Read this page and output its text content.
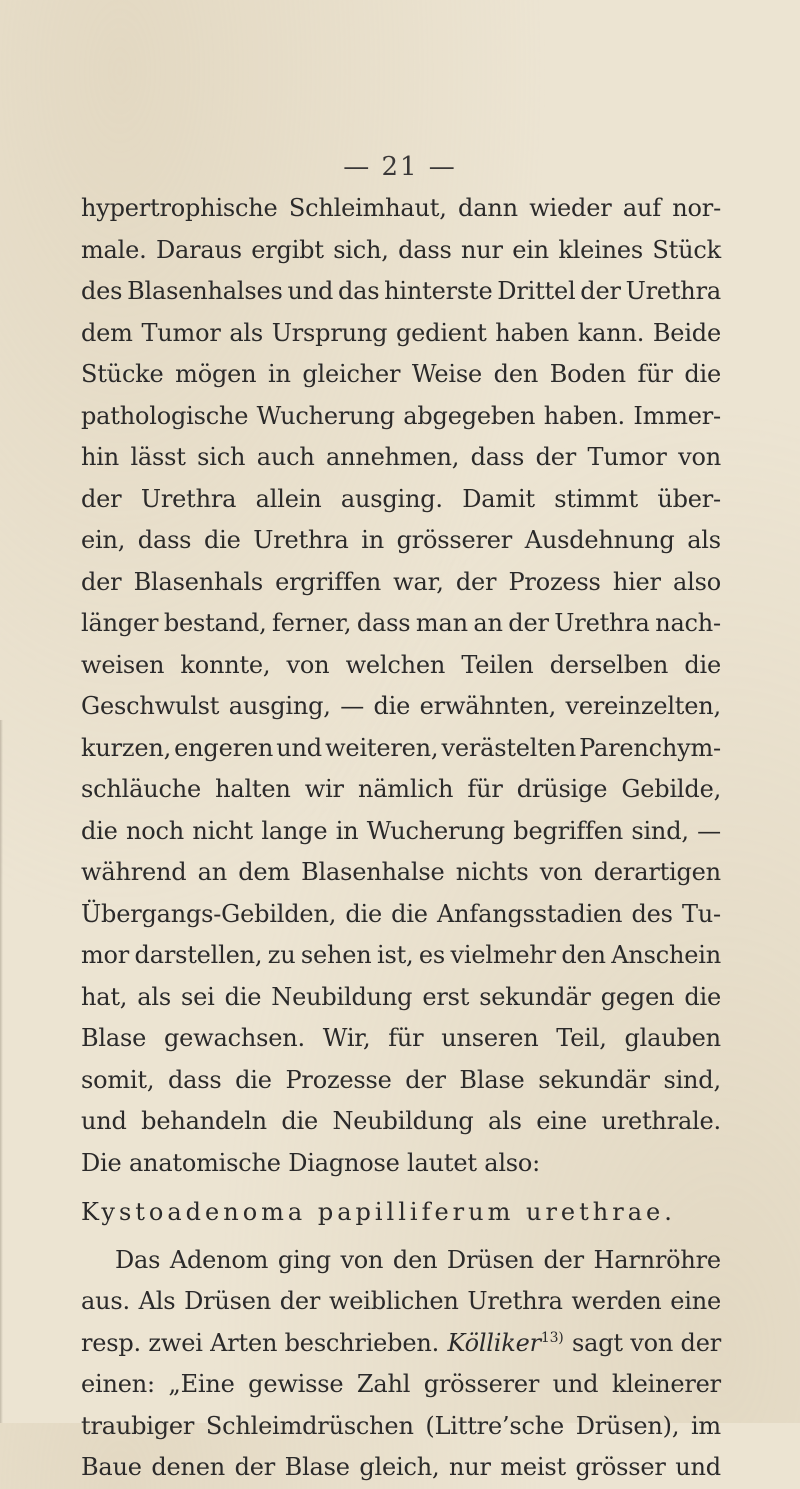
— 21 —
hypertrophische Schleimhaut, dann wieder auf nor-
male. Daraus ergibt sich, dass nur ein kleines Stück
des Blasenhalses und das hinterste Drittel der Urethra
dem Tumor als Ursprung gedient haben kann. Beide
Stücke mögen in gleicher Weise den Boden für die
pathologische Wucherung abgegeben haben. Immer-
hin lässt sich auch annehmen, dass der Tumor von
der Urethra allein ausging. Damit stimmt über-
ein, dass die Urethra in grösserer Ausdehnung als
der Blasenhals ergriffen war, der Prozess hier also
länger bestand, ferner, dass man an der Urethra nach-
weisen konnte, von welchen Teilen derselben die
Geschwulst ausging, — die erwähnten, vereinzelten,
kurzen, engeren und weiteren, verästelten Parenchym-
schläuche halten wir nämlich für drüsige Gebilde,
die noch nicht lange in Wucherung begriffen sind, —
während an dem Blasenhalse nichts von derartigen
Übergangs-Gebilden, die die Anfangsstadien des Tu-
mor darstellen, zu sehen ist, es vielmehr den Anschein
hat, als sei die Neubildung erst sekundär gegen die
Blase gewachsen. Wir, für unseren Teil, glauben
somit, dass die Prozesse der Blase sekundär sind,
und behandeln die Neubildung als eine urethrale.
Die anatomische Diagnose lautet also:
Kystoadenoma papilliferum urethrae.
Das Adenom ging von den Drüsen der Harnröhre
aus. Als Drüsen der weiblichen Urethra werden eine
resp. zwei Arten beschrieben. Kölliker$^{13)}$ sagt von der
einen: „Eine gewisse Zahl grösserer und kleinerer
traubiger Schleimdrüschen (Littre’sche Drüsen), im
Baue denen der Blase gleich, nur meist grösser und
